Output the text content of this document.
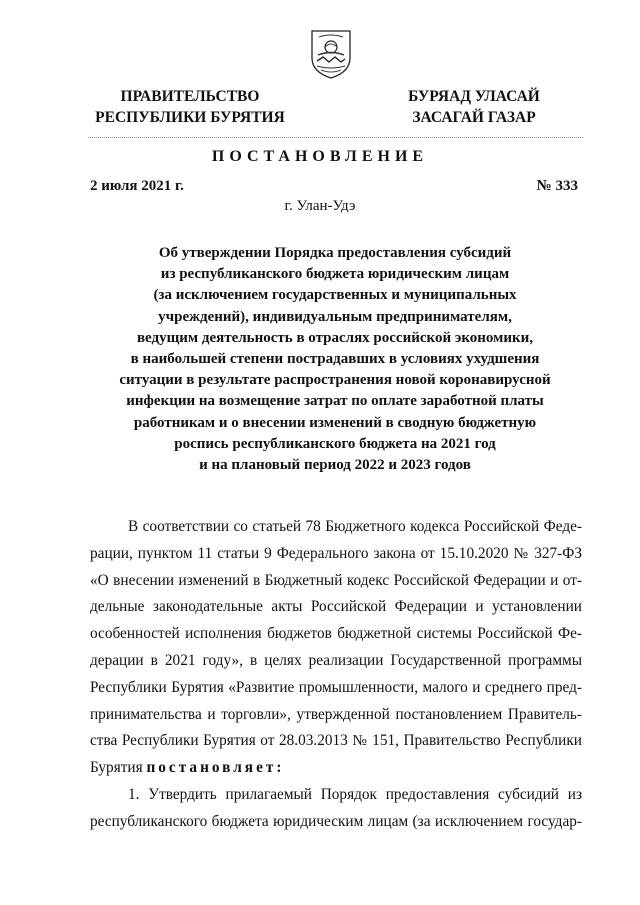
ПРАВИТЕЛЬСТВО
РЕСПУБЛИКИ БУРЯТИЯ
БУРЯАД УЛАСАЙ
ЗАСАГАЙ ГАЗАР
ПОСТАНОВЛЕНИЕ
2 июля 2021 г.	№ 333
г. Улан-Удэ
Об утверждении Порядка предоставления субсидий
из республиканского бюджета юридическим лицам
(за исключением государственных и муниципальных
учреждений), индивидуальным предпринимателям,
ведущим деятельность в отраслях российской экономики,
в наибольшей степени пострадавших в условиях ухудшения
ситуации в результате распространения новой коронавирусной
инфекции на возмещение затрат по оплате заработной платы
работникам и о внесении изменений в сводную бюджетную
роспись республиканского бюджета на 2021 год
и на плановый период 2022 и 2023 годов
В соответствии со статьей 78 Бюджетного кодекса Российской Феде-
рации, пунктом 11 статьи 9 Федерального закона от 15.10.2020 № 327-ФЗ
«О внесении изменений в Бюджетный кодекс Российской Федерации и от-
дельные законодательные акты Российской Федерации и установлении
особенностей исполнения бюджетов бюджетной системы Российской Фе-
дерации в 2021 году», в целях реализации Государственной программы
Республики Бурятия «Развитие промышленности, малого и среднего пред-
принимательства и торговли», утвержденной постановлением Правитель-
ства Республики Бурятия от 28.03.2013 № 151, Правительство Республики
Бурятия постановляет:
1. Утвердить прилагаемый Порядок предоставления субсидий из
республиканского бюджета юридическим лицам (за исключением государ-
